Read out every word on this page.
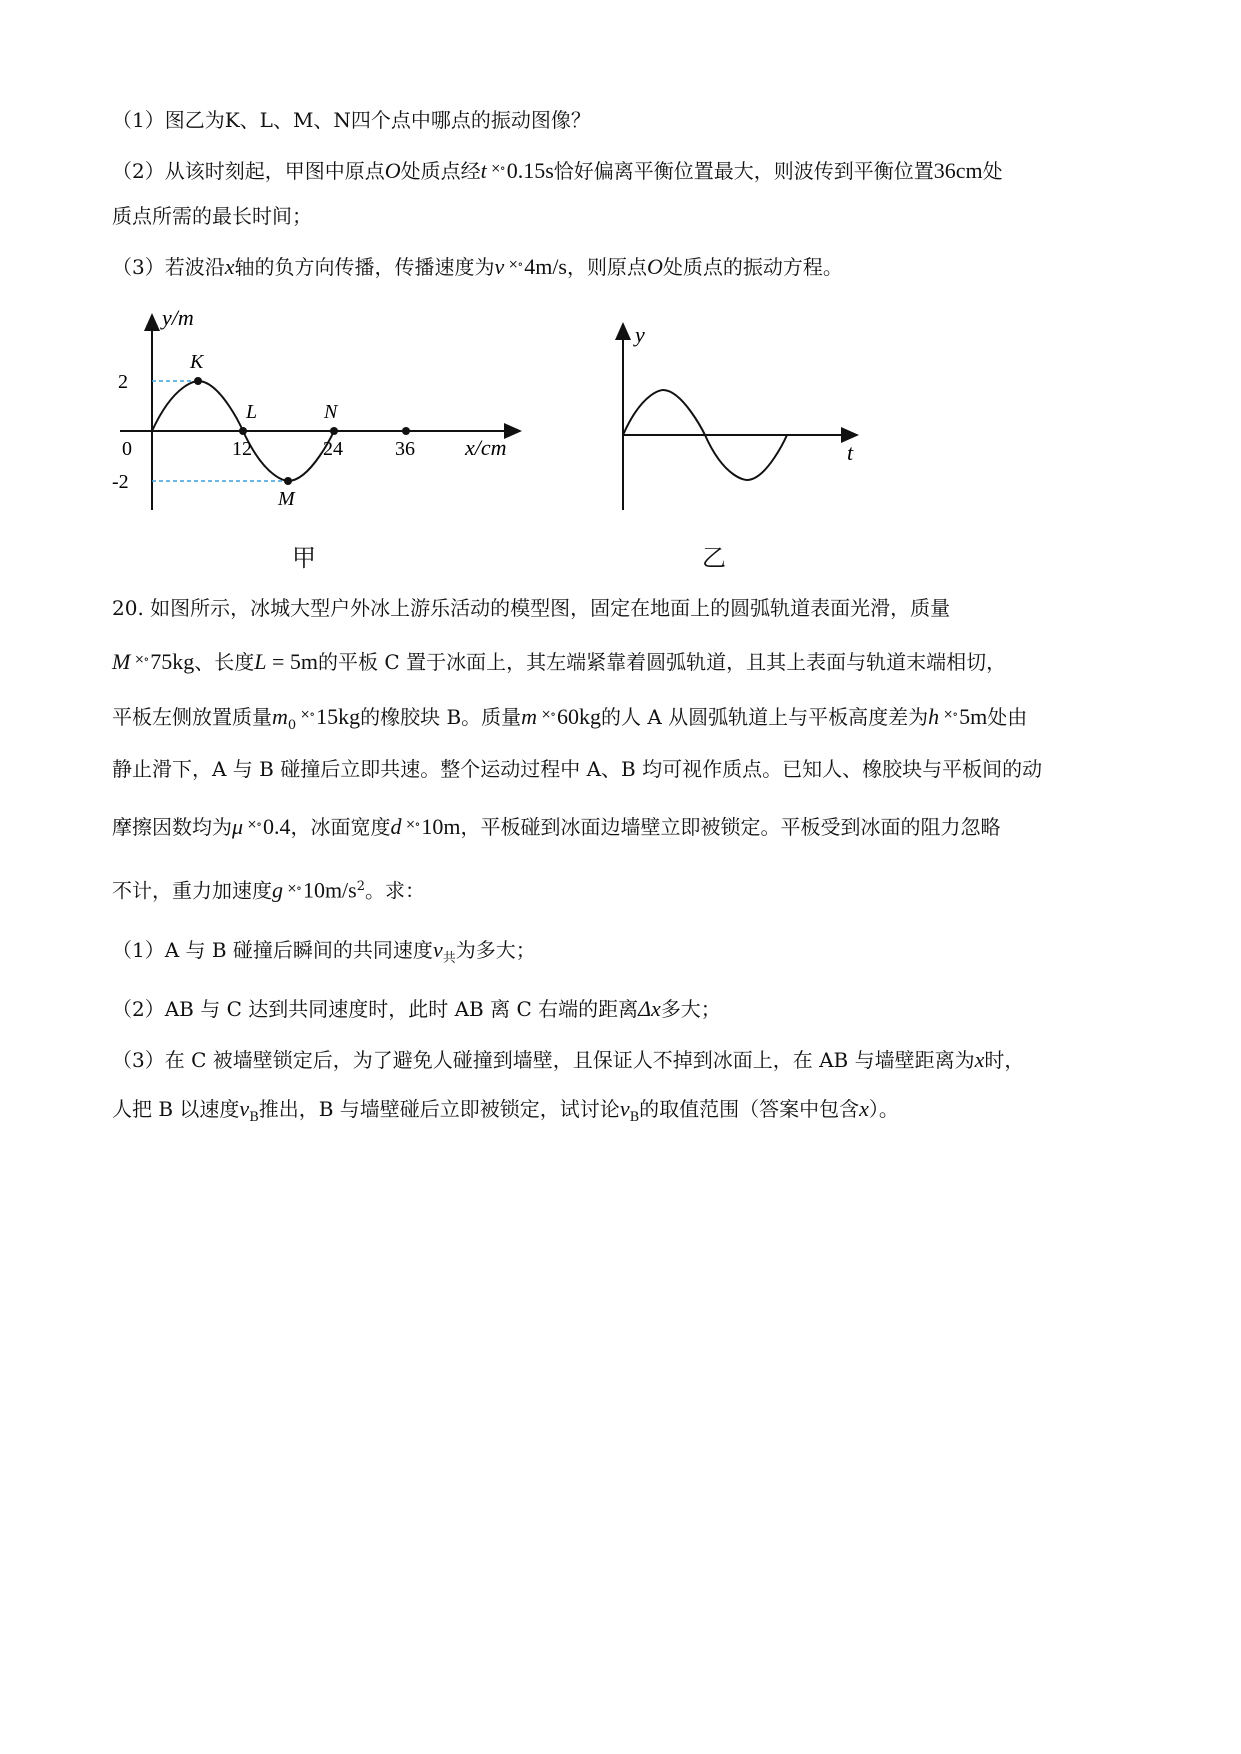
（1）图乙为K、L、M、N四个点中哪点的振动图像？
（2）从该时刻起，甲图中原点O处质点经t ×∘0.15s恰好偏离平衡位置最大，则波传到平衡位置36cm处
质点所需的最长时间；
（3）若波沿x轴的负方向传播，传播速度为v ×∘4m/s，则原点O处质点的振动方程。
y/m
2
-2
0	12	24	36 x/cm
K
L	N
M
甲
y
t
乙
20. 如图所示，冰城大型户外冰上游乐活动的模型图，固定在地面上的圆弧轨道表面光滑，质量
M ×∘75kg、长度L = 5m的平板 C 置于冰面上，其左端紧靠着圆弧轨道，且其上表面与轨道末端相切，
平板左侧放置质量$m_0^{\times\circ}15kg$的橡胶块 B。质量m ×∘60kg的人 A 从圆弧轨道上与平板高度差为h ×∘5m处由
静止滑下，A 与 B 碰撞后立即共速。整个运动过程中 A、B 均可视作质点。已知人、橡胶块与平板间的动
摩擦因数均为μ ×∘0.4，冰面宽度d ×∘10m，平板碰到冰面边墙壁立即被锁定。平板受到冰面的阻力忽略
不计，重力加速度g $^{\times\circ}10m/s^2$。求：
（1）A 与 B 碰撞后瞬间的共同速度$v_共$为多大；
（2）AB 与 C 达到共同速度时，此时 AB 离 C 右端的距离Δx多大；
（3）在 C 被墙壁锁定后，为了避免人碰撞到墙壁，且保证人不掉到冰面上，在 AB 与墙壁距离为x时，
人把 B 以速度$v_B$推出，B 与墙壁碰后立即被锁定，试讨论$v_B$的取值范围（答案中包含x）。
